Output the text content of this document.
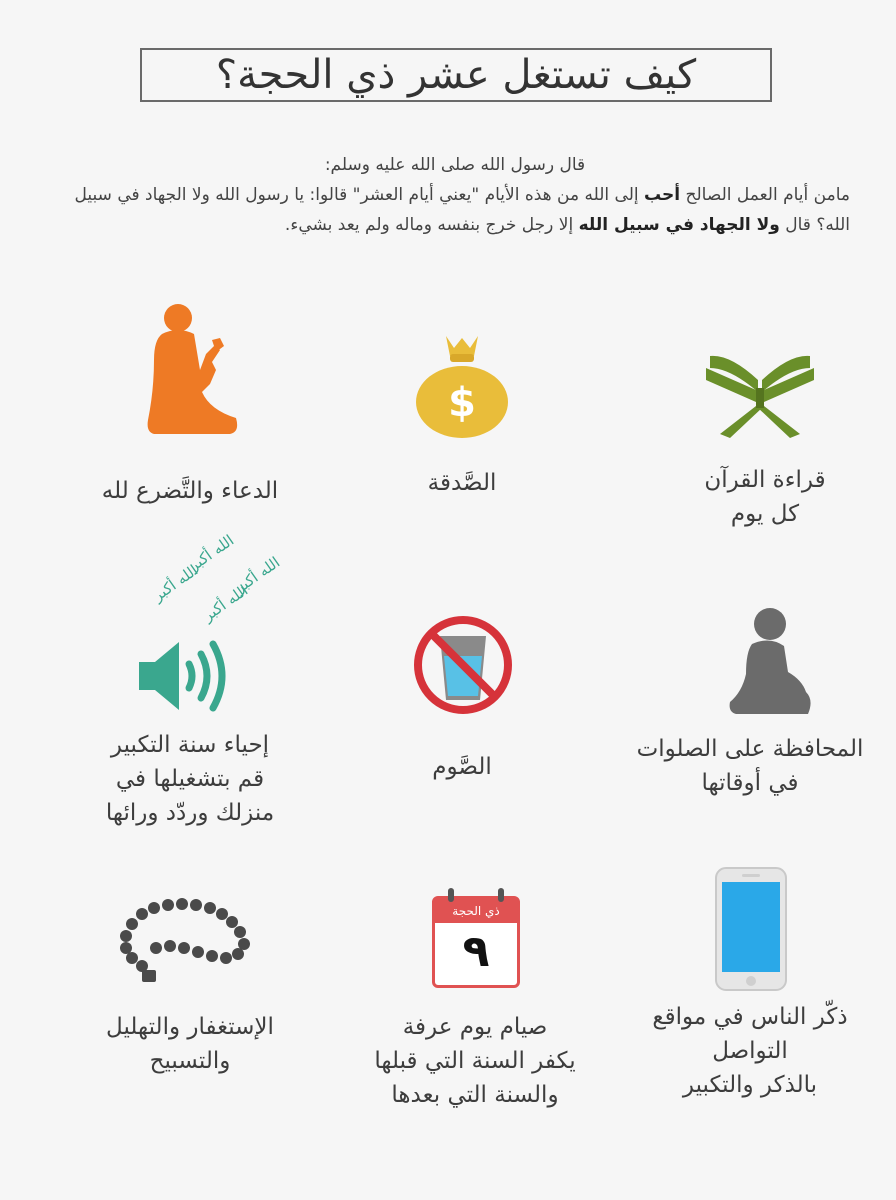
كيف تستغل عشر ذي الحجة؟
قال رسول الله صلى الله عليه وسلم:
مامن أيام العمل الصالح أحب إلى الله من هذه الأيام "يعني أيام العشر" قالوا: يا رسول الله ولا الجهاد في سبيل الله؟ قال ولا الجهاد في سبيل الله إلا رجل خرج بنفسه وماله ولم يعد بشيء.
قراءة القرآن
كل يوم
$
الصَّدقة
الدعاء والتَّضرع لله
المحافظة على الصلوات
في أوقاتها
الصَّوم
الله أكبر
الله أكبر
الله أكبر
الله أكبر
إحياء سنة التكبير
قم بتشغيلها في
منزلك وردّد ورائها
ذكّر الناس في مواقع
التواصل
بالذكر والتكبير
ذي الحجة
٩
صيام يوم عرفة
يكفر السنة التي قبلها
والسنة التي بعدها
الإستغفار والتهليل
والتسبيح
